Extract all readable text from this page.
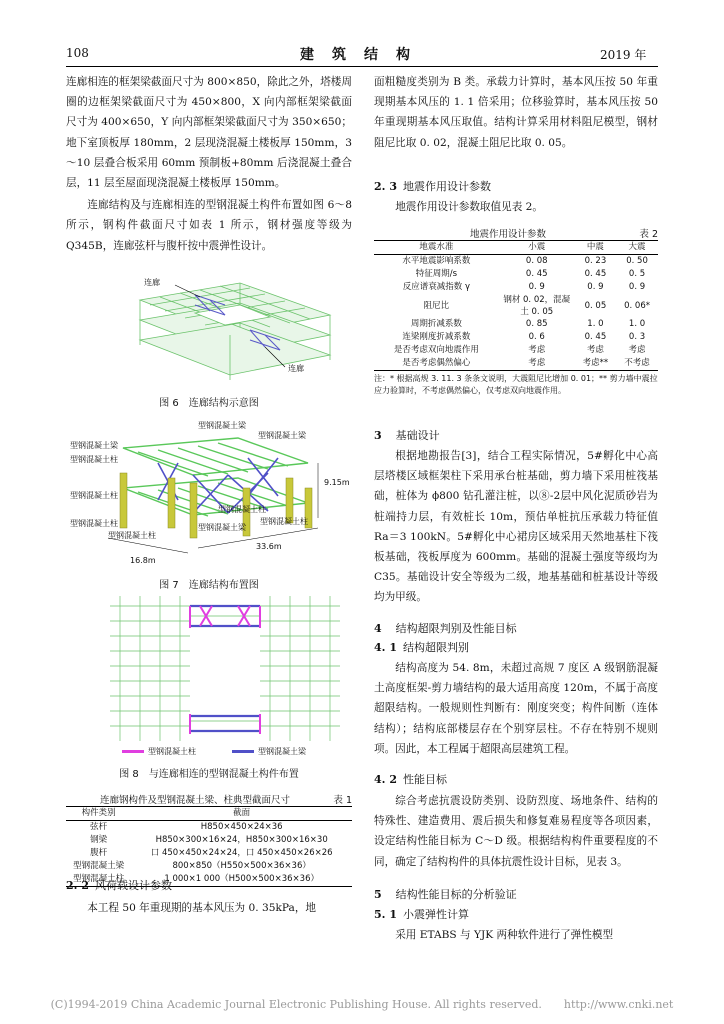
108	建　筑　结　构	2019 年

连廊相连的框架梁截面尺寸为 800×850，除此之外，塔楼周圈的边框架梁截面尺寸为 450×800，X 向内部框架梁截面尺寸为 400×650，Y 向内部框架梁截面尺寸为 350×650；地下室顶板厚 180mm，2 层现浇混凝土楼板厚 150mm，3～10 层叠合板采用 60mm 预制板+80mm 后浇混凝土叠合层，11 层至屋面现浇混凝土楼板厚 150mm。

连廊结构及与连廊相连的型钢混凝土构件布置如图 6～8 所示，钢构件截面尺寸如表 1 所示，钢材强度等级为 Q345B，连廊弦杆与腹杆按中震弹性设计。

连廊
连廊
图 6　连廊结构示意图
型钢混凝土梁
型钢混凝土梁
型钢混凝土梁
型钢混凝土柱
型钢混凝土柱
型钢混凝土柱
型钢混凝土柱
型钢混凝土柱
型钢混凝土梁
型钢混凝土柱
9.15m
33.6m
16.8m
图 7　连廊结构布置图
型钢混凝土柱	型钢混凝土梁
图 8　与连廊相连的型钢混凝土构件布置
连廊钢构件及型钢混凝土梁、柱典型截面尺寸	表 1
构件类别	截面
弦杆	H850×450×24×36
钢梁	H850×300×16×24，H850×300×16×30
腹杆	口 450×450×24×24，口 450×450×26×26
型钢混凝土梁	800×850（H550×500×36×36）
型钢混凝土柱	1 000×1 000（H500×500×36×36）
2. 2 风荷载设计参数
本工程 50 年重现期的基本风压为 0. 35kPa，地
面粗糙度类别为 B 类。承载力计算时，基本风压按 50 年重现期基本风压的 1. 1 倍采用；位移验算时，基本风压按 50 年重现期基本风压取值。结构计算采用材料阻尼模型，钢材阻尼比取 0. 02，混凝土阻尼比取 0. 05。
2. 3 地震作用设计参数
地震作用设计参数取值见表 2。
地震作用设计参数	表 2
地震水准	小震	中震	大震
水平地震影响系数	0. 08	0. 23	0. 50
特征周期/s	0. 45	0. 45	0. 5
反应谱衰减指数 γ	0. 9	0. 9	0. 9
阻尼比	钢材 0. 02，混凝土 0. 05	0. 05	0. 06*
周期折减系数	0. 85	1. 0	1. 0
连梁刚度折减系数	0. 6	0. 45	0. 3
是否考虑双向地震作用	考虑	考虑	考虑
是否考虑偶然偏心	考虑	考虑**	不考虑
注：* 根据高规 3. 11. 3 条条文说明，大震阻尼比增加 0. 01；** 剪力墙中震拉应力验算时，不考虑偶然偏心，仅考虑双向地震作用。
3 基础设计
根据地勘报告[3]，结合工程实际情况，5#孵化中心高层塔楼区域框架柱下采用承台桩基础，剪力墙下采用桩筏基础，桩体为 ϕ800 钻孔灌注桩，以⑧-2层中风化泥质砂岩为桩端持力层，有效桩长 10m，预估单桩抗压承载力特征值 Ra＝3 100kN。5#孵化中心裙房区域采用天然地基柱下筏板基础，筏板厚度为 600mm。基础的混凝土强度等级均为 C35。基础设计安全等级为二级，地基基础和桩基设计等级均为甲级。
4 结构超限判别及性能目标
4. 1 结构超限判别
结构高度为 54. 8m，未超过高规 7 度区 A 级钢筋混凝土高度框架-剪力墙结构的最大适用高度 120m，不属于高度超限结构。一般规则性判断有：刚度突变；构件间断（连体结构）；结构底部楼层存在个别穿层柱。不存在特别不规则项。因此，本工程属于超限高层建筑工程。
4. 2 性能目标
综合考虑抗震设防类别、设防烈度、场地条件、结构的特殊性、建造费用、震后损失和修复难易程度等各项因素，设定结构性能目标为 C～D 级。根据结构构件重要程度的不同，确定了结构构件的具体抗震性设计目标，见表 3。
5 结构性能目标的分析验证
5. 1 小震弹性计算
采用 ETABS 与 YJK 两种软件进行了弹性模型
(C)1994-2019 China Academic Journal Electronic Publishing House. All rights reserved.　　http://www.cnki.net
